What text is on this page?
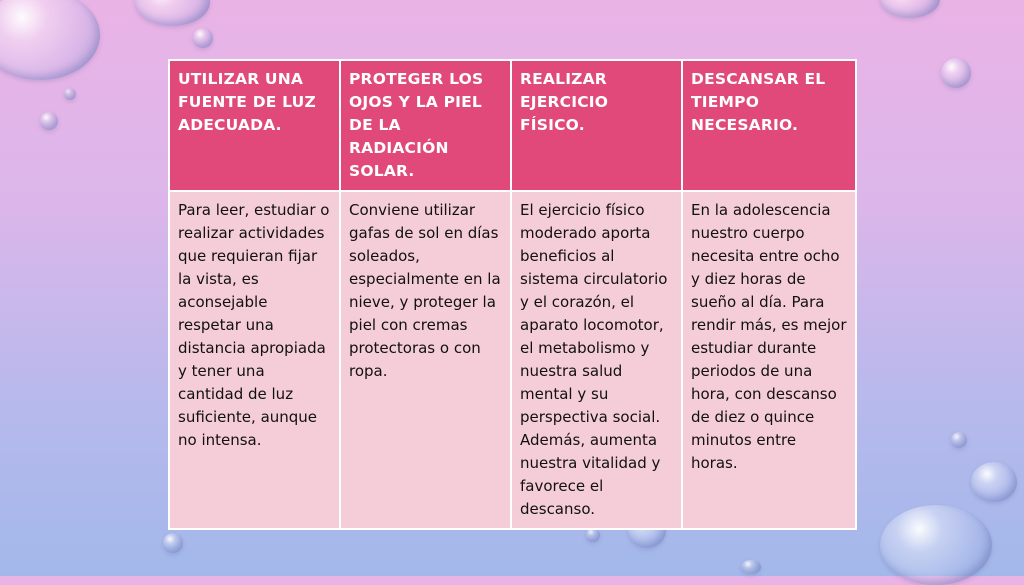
UTILIZAR UNA FUENTE DE LUZ ADECUADA.	PROTEGER LOS OJOS Y LA PIEL DE LA RADIACIÓN SOLAR.	REALIZAR EJERCICIO FÍSICO.	DESCANSAR EL TIEMPO NECESARIO.
Para leer, estudiar o realizar actividades que requieran fijar la vista, es aconsejable respetar una distancia apropiada y tener una cantidad de luz suficiente, aunque no intensa.	Conviene utilizar gafas de sol en días soleados, especialmente en la nieve, y proteger la piel con cremas protectoras o con ropa.	El ejercicio físico moderado aporta beneficios al sistema circulatorio y el corazón, el aparato locomotor, el metabolismo y nuestra salud mental y su perspectiva social. Además, aumenta nuestra vitalidad y favorece el descanso.	En la adolescencia nuestro cuerpo necesita entre ocho y diez horas de sueño al día. Para rendir más, es mejor estudiar durante periodos de una hora, con descanso de diez o quince minutos entre horas.
